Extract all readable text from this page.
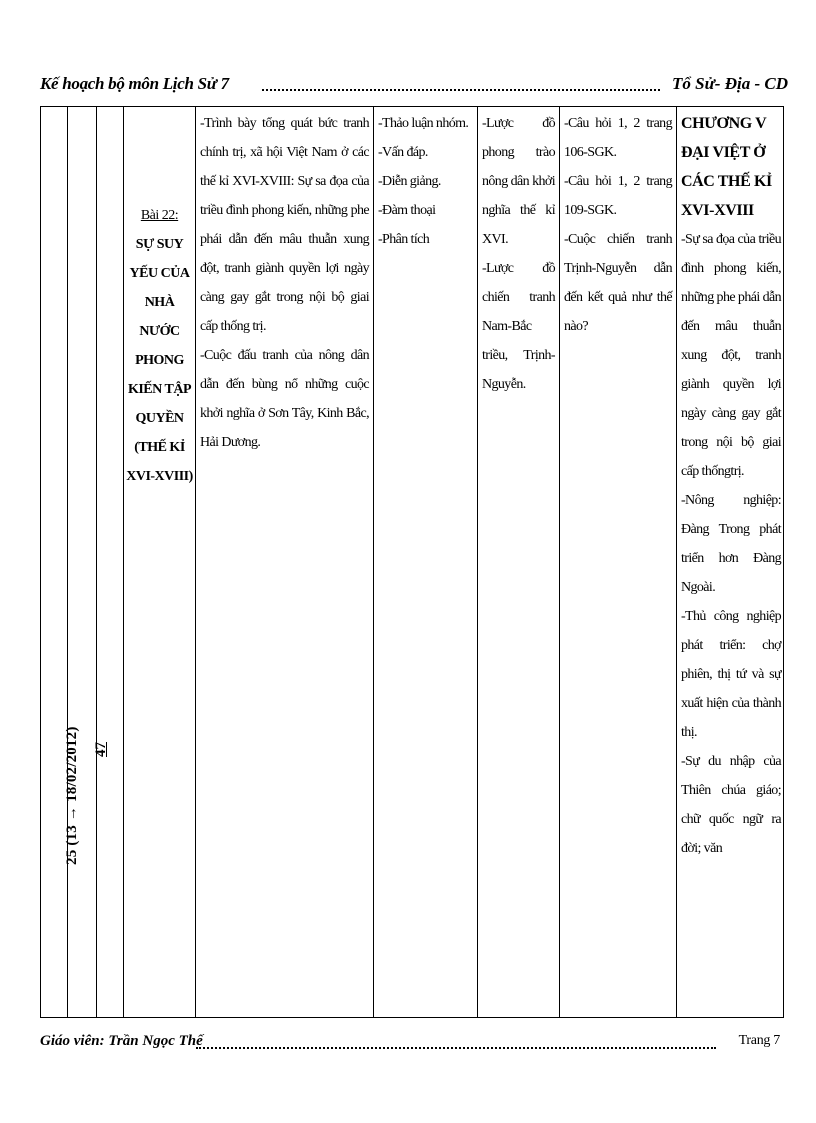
Kế hoạch bộ môn Lịch Sử 7	Tổ Sử- Địa - CD
25 (13 → 18/02/2012) 47
Bài 22:
SỰ SUY YẾU CỦA NHÀ NƯỚC PHONG KIẾN TẬP QUYỀN (THẾ KỈ XVI-XVIII)

-Trình bày tổng quát bức tranh chính trị, xã hội Việt Nam ở các thế kỉ XVI-XVIII: Sự sa đọa của triều đình phong kiến, những phe phái dẫn đến mâu thuẫn xung đột, tranh giành quyền lợi ngày càng gay gắt trong nội bộ giai cấp thống trị.

-Cuộc đấu tranh của nông dân dẫn đến bùng nổ những cuộc khởi nghĩa ở Sơn Tây, Kinh Bắc, Hải Dương.

-Thảo luận nhóm.

-Vấn đáp.

-Diễn giảng.

-Đàm thoại

-Phân tích

-Lược đồ phong trào nông dân khởi nghĩa thế kỉ XVI.

-Lược đồ chiến tranh Nam-Bắc triều, Trịnh-Nguyễn.

-Câu hỏi 1, 2 trang 106-SGK.

-Câu hỏi 1, 2 trang 109-SGK.

-Cuộc chiến tranh Trịnh-Nguyễn dẫn đến kết quả như thế nào?

CHƯƠNG V ĐẠI VIỆT Ở CÁC THẾ KỈ XVI-XVIII

-Sự sa đọa của triều đình phong kiến, những phe phái dẫn đến mâu thuẫn xung đột, tranh giành quyền lợi ngày càng gay gắt trong nội bộ giai cấp thốngtrị.

-Nông nghiệp: Đàng Trong phát triển hơn Đàng Ngoài.

-Thủ công nghiệp phát triển: chợ phiên, thị tứ và sự xuất hiện của thành thị.

-Sự du nhập của Thiên chúa giáo; chữ quốc ngữ ra đời; văn

Giáo viên: Trần Ngọc Thế	Trang 7
